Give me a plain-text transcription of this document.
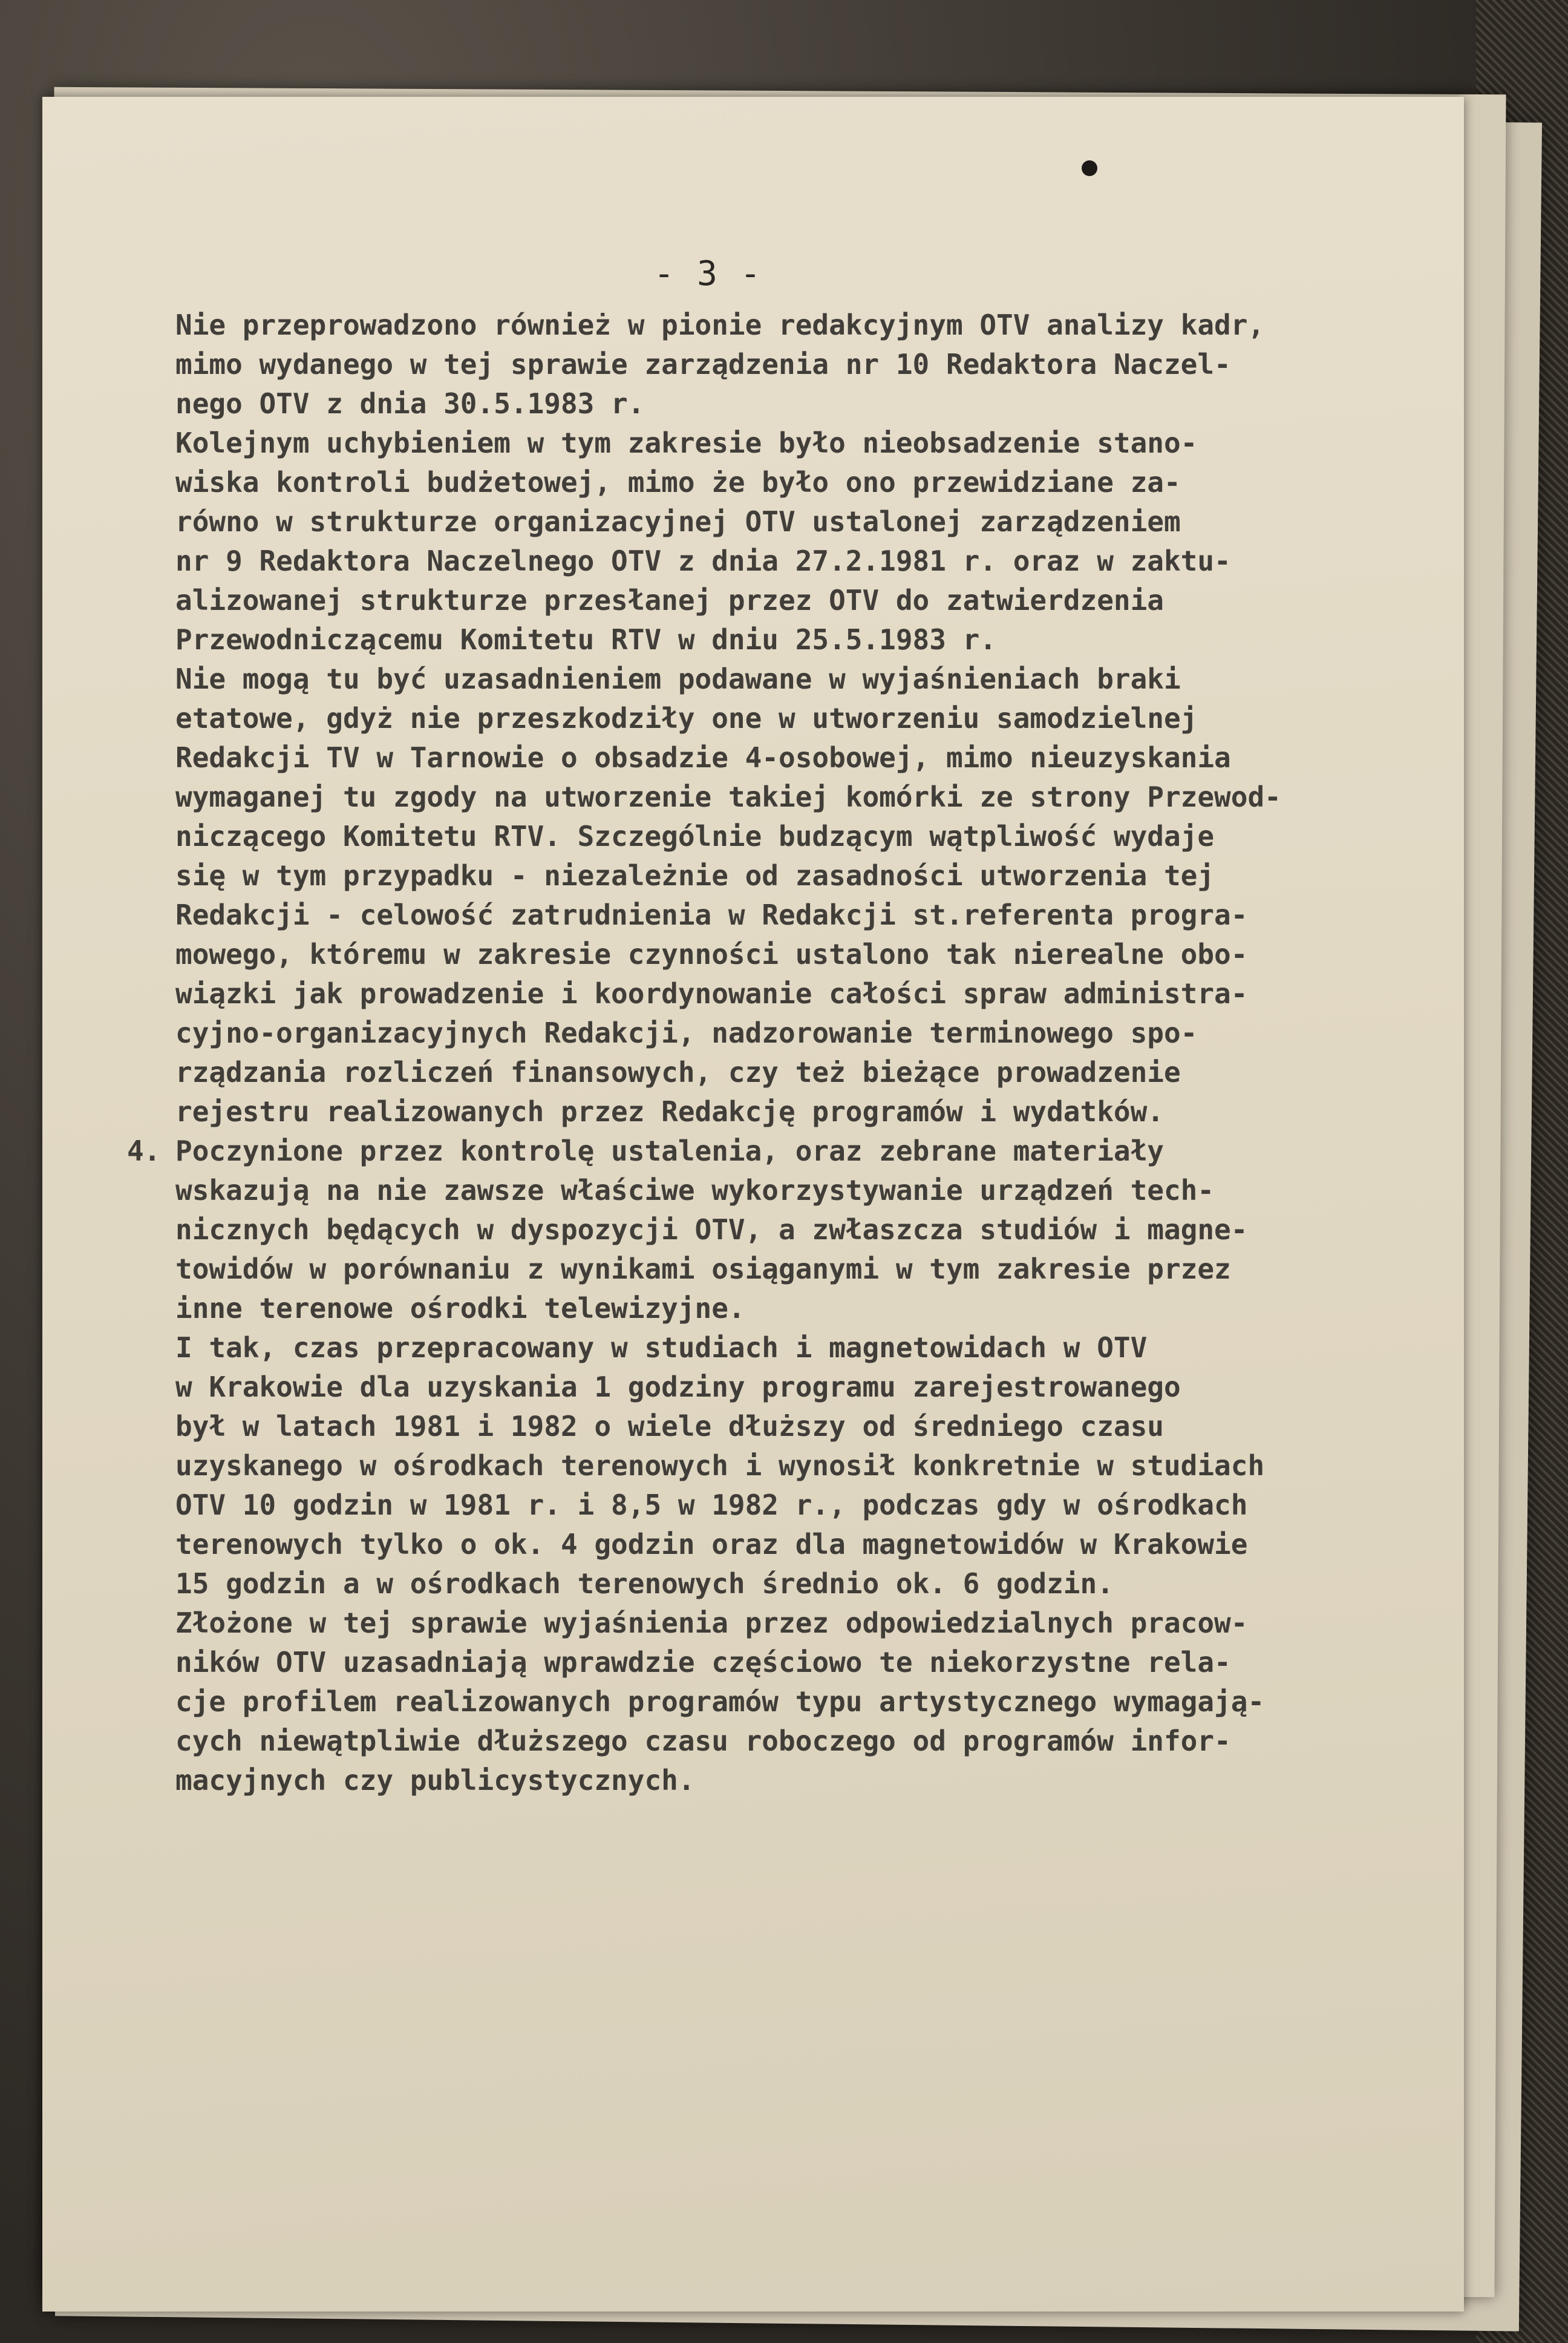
- 3 -
Nie przeprowadzono również w pionie redakcyjnym OTV analizy kadr,
mimo wydanego w tej sprawie zarządzenia nr 10 Redaktora Naczel-
nego OTV z dnia 30.5.1983 r.
Kolejnym uchybieniem w tym zakresie było nieobsadzenie stano-
wiska kontroli budżetowej, mimo że było ono przewidziane za-
równo w strukturze organizacyjnej OTV ustalonej zarządzeniem
nr 9 Redaktora Naczelnego OTV z dnia 27.2.1981 r. oraz w zaktu-
alizowanej strukturze przesłanej przez OTV do zatwierdzenia
Przewodniczącemu Komitetu RTV w dniu 25.5.1983 r.
Nie mogą tu być uzasadnieniem podawane w wyjaśnieniach braki
etatowe, gdyż nie przeszkodziły one w utworzeniu samodzielnej
Redakcji TV w Tarnowie o obsadzie 4-osobowej, mimo nieuzyskania
wymaganej tu zgody na utworzenie takiej komórki ze strony Przewod-
niczącego Komitetu RTV. Szczególnie budzącym wątpliwość wydaje
się w tym przypadku - niezależnie od zasadności utworzenia tej
Redakcji - celowość zatrudnienia w Redakcji st.referenta progra-
mowego, któremu w zakresie czynności ustalono tak nierealne obo-
wiązki jak prowadzenie i koordynowanie całości spraw administra-
cyjno-organizacyjnych Redakcji, nadzorowanie terminowego spo-
rządzania rozliczeń finansowych, czy też bieżące prowadzenie
rejestru realizowanych przez Redakcję programów i wydatków.
4. Poczynione przez kontrolę ustalenia, oraz zebrane materiały
wskazują na nie zawsze właściwe wykorzystywanie urządzeń tech-
nicznych będących w dyspozycji OTV, a zwłaszcza studiów i magne-
towidów w porównaniu z wynikami osiąganymi w tym zakresie przez
inne terenowe ośrodki telewizyjne.
I tak, czas przepracowany w studiach i magnetowidach w OTV
w Krakowie dla uzyskania 1 godziny programu zarejestrowanego
był w latach 1981 i 1982 o wiele dłuższy od średniego czasu
uzyskanego w ośrodkach terenowych i wynosił konkretnie w studiach
OTV 10 godzin w 1981 r. i 8,5 w 1982 r., podczas gdy w ośrodkach
terenowych tylko o ok. 4 godzin oraz dla magnetowidów w Krakowie
15 godzin a w ośrodkach terenowych średnio ok. 6 godzin.
Złożone w tej sprawie wyjaśnienia przez odpowiedzialnych pracow-
ników OTV uzasadniają wprawdzie częściowo te niekorzystne rela-
cje profilem realizowanych programów typu artystycznego wymagają-
cych niewątpliwie dłuższego czasu roboczego od programów infor-
macyjnych czy publicystycznych.
